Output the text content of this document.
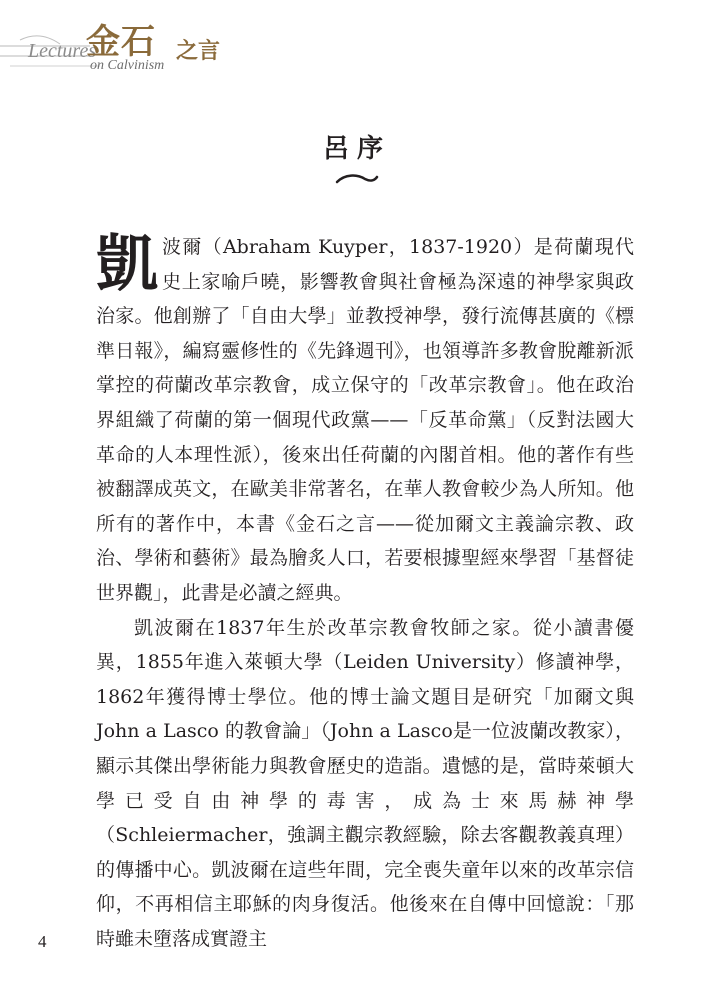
Lectures
金石 之言
on Calvinism
呂序

凱波爾（Abraham Kuyper，1837-1920）是荷蘭現代史上家喻戶曉，影響教會與社會極為深遠的神學家與政治家。他創辦了「自由大學」並教授神學，發行流傳甚廣的《標準日報》，編寫靈修性的《先鋒週刊》，也領導許多教會脫離新派掌控的荷蘭改革宗教會，成立保守的「改革宗教會」。他在政治界組織了荷蘭的第一個現代政黨——「反革命黨」（反對法國大革命的人本理性派），後來出任荷蘭的內閣首相。他的著作有些被翻譯成英文，在歐美非常著名，在華人教會較少為人所知。他所有的著作中，本書《金石之言——從加爾文主義論宗教、政治、學術和藝術》最為膾炙人口，若要根據聖經來學習「基督徒世界觀」，此書是必讀之經典。

凱波爾在1837年生於改革宗教會牧師之家。從小讀書優異，1855年進入萊頓大學（Leiden University）修讀神學，1862年獲得博士學位。他的博士論文題目是研究「加爾文與 John a Lasco 的教會論」（John a Lasco是一位波蘭改教家），顯示其傑出學術能力與教會歷史的造詣。遺憾的是，當時萊頓大學已受自由神學的毒害，成為士來馬赫神學（Schleiermacher，強調主觀宗教經驗，除去客觀教義真理）的傳播中心。凱波爾在這些年間，完全喪失童年以來的改革宗信仰，不再相信主耶穌的肉身復活。他後來在自傳中回憶說：「那時雖未墮落成實證主

4
